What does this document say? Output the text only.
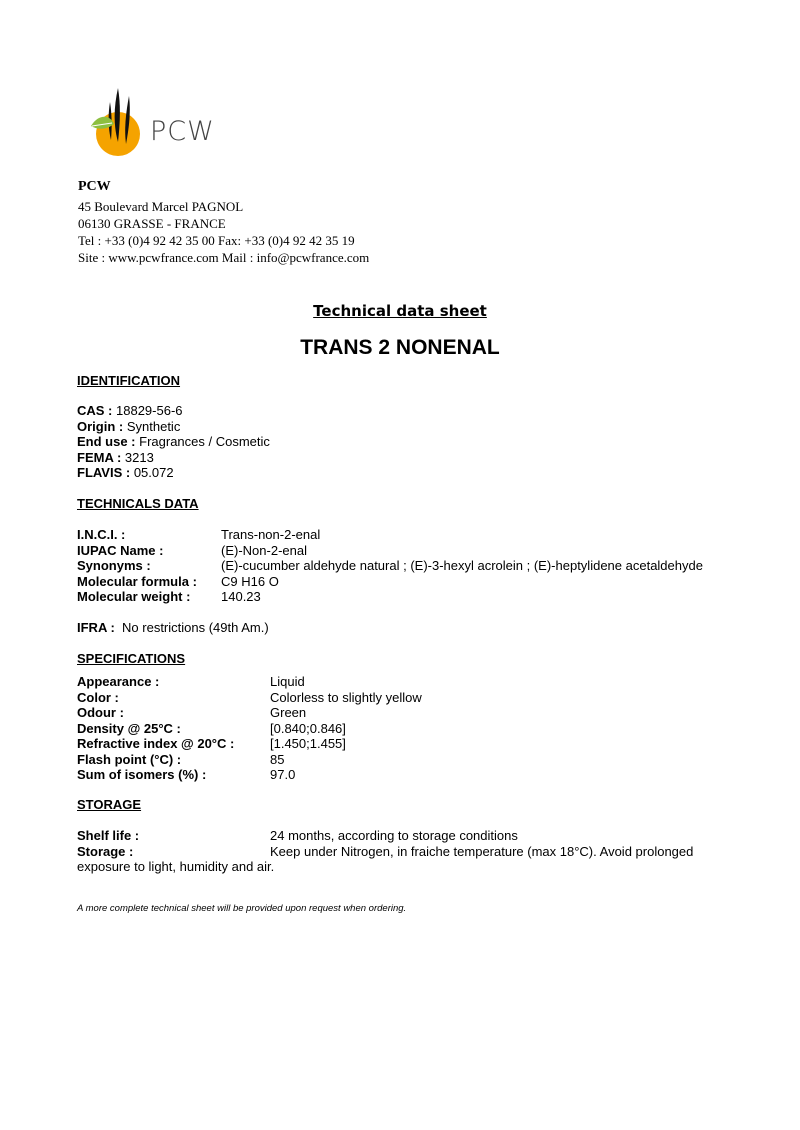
PCW
PCW
45 Boulevard Marcel PAGNOL
06130 GRASSE - FRANCE
Tel : +33 (0)4 92 42 35 00 Fax: +33 (0)4 92 42 35 19
Site : www.pcwfrance.com Mail : info@pcwfrance.com
Technical data sheet
TRANS 2 NONENAL
IDENTIFICATION
CAS : 18829-56-6
Origin : Synthetic
End use : Fragrances / Cosmetic
FEMA : 3213
FLAVIS : 05.072
TECHNICALS DATA
I.N.C.I. :	Trans-non-2-enal
IUPAC Name :	(E)-Non-2-enal
Synonyms :	(E)-cucumber aldehyde natural ; (E)-3-hexyl acrolein ; (E)-heptylidene acetaldehyde
Molecular formula :	C9 H16 O
Molecular weight :	140.23
IFRA : No restrictions (49th Am.)
SPECIFICATIONS
Appearance :	Liquid
Color :	Colorless to slightly yellow
Odour :	Green
Density @ 25°C :	[0.840;0.846]
Refractive index @ 20°C :	[1.450;1.455]
Flash point (°C) :	85
Sum of isomers (%) :	97.0
STORAGE
Shelf life :	24 months, according to storage conditions
Storage :	Keep under Nitrogen, in fraiche temperature (max 18°C). Avoid prolonged
exposure to light, humidity and air.
A more complete technical sheet will be provided upon request when ordering.
